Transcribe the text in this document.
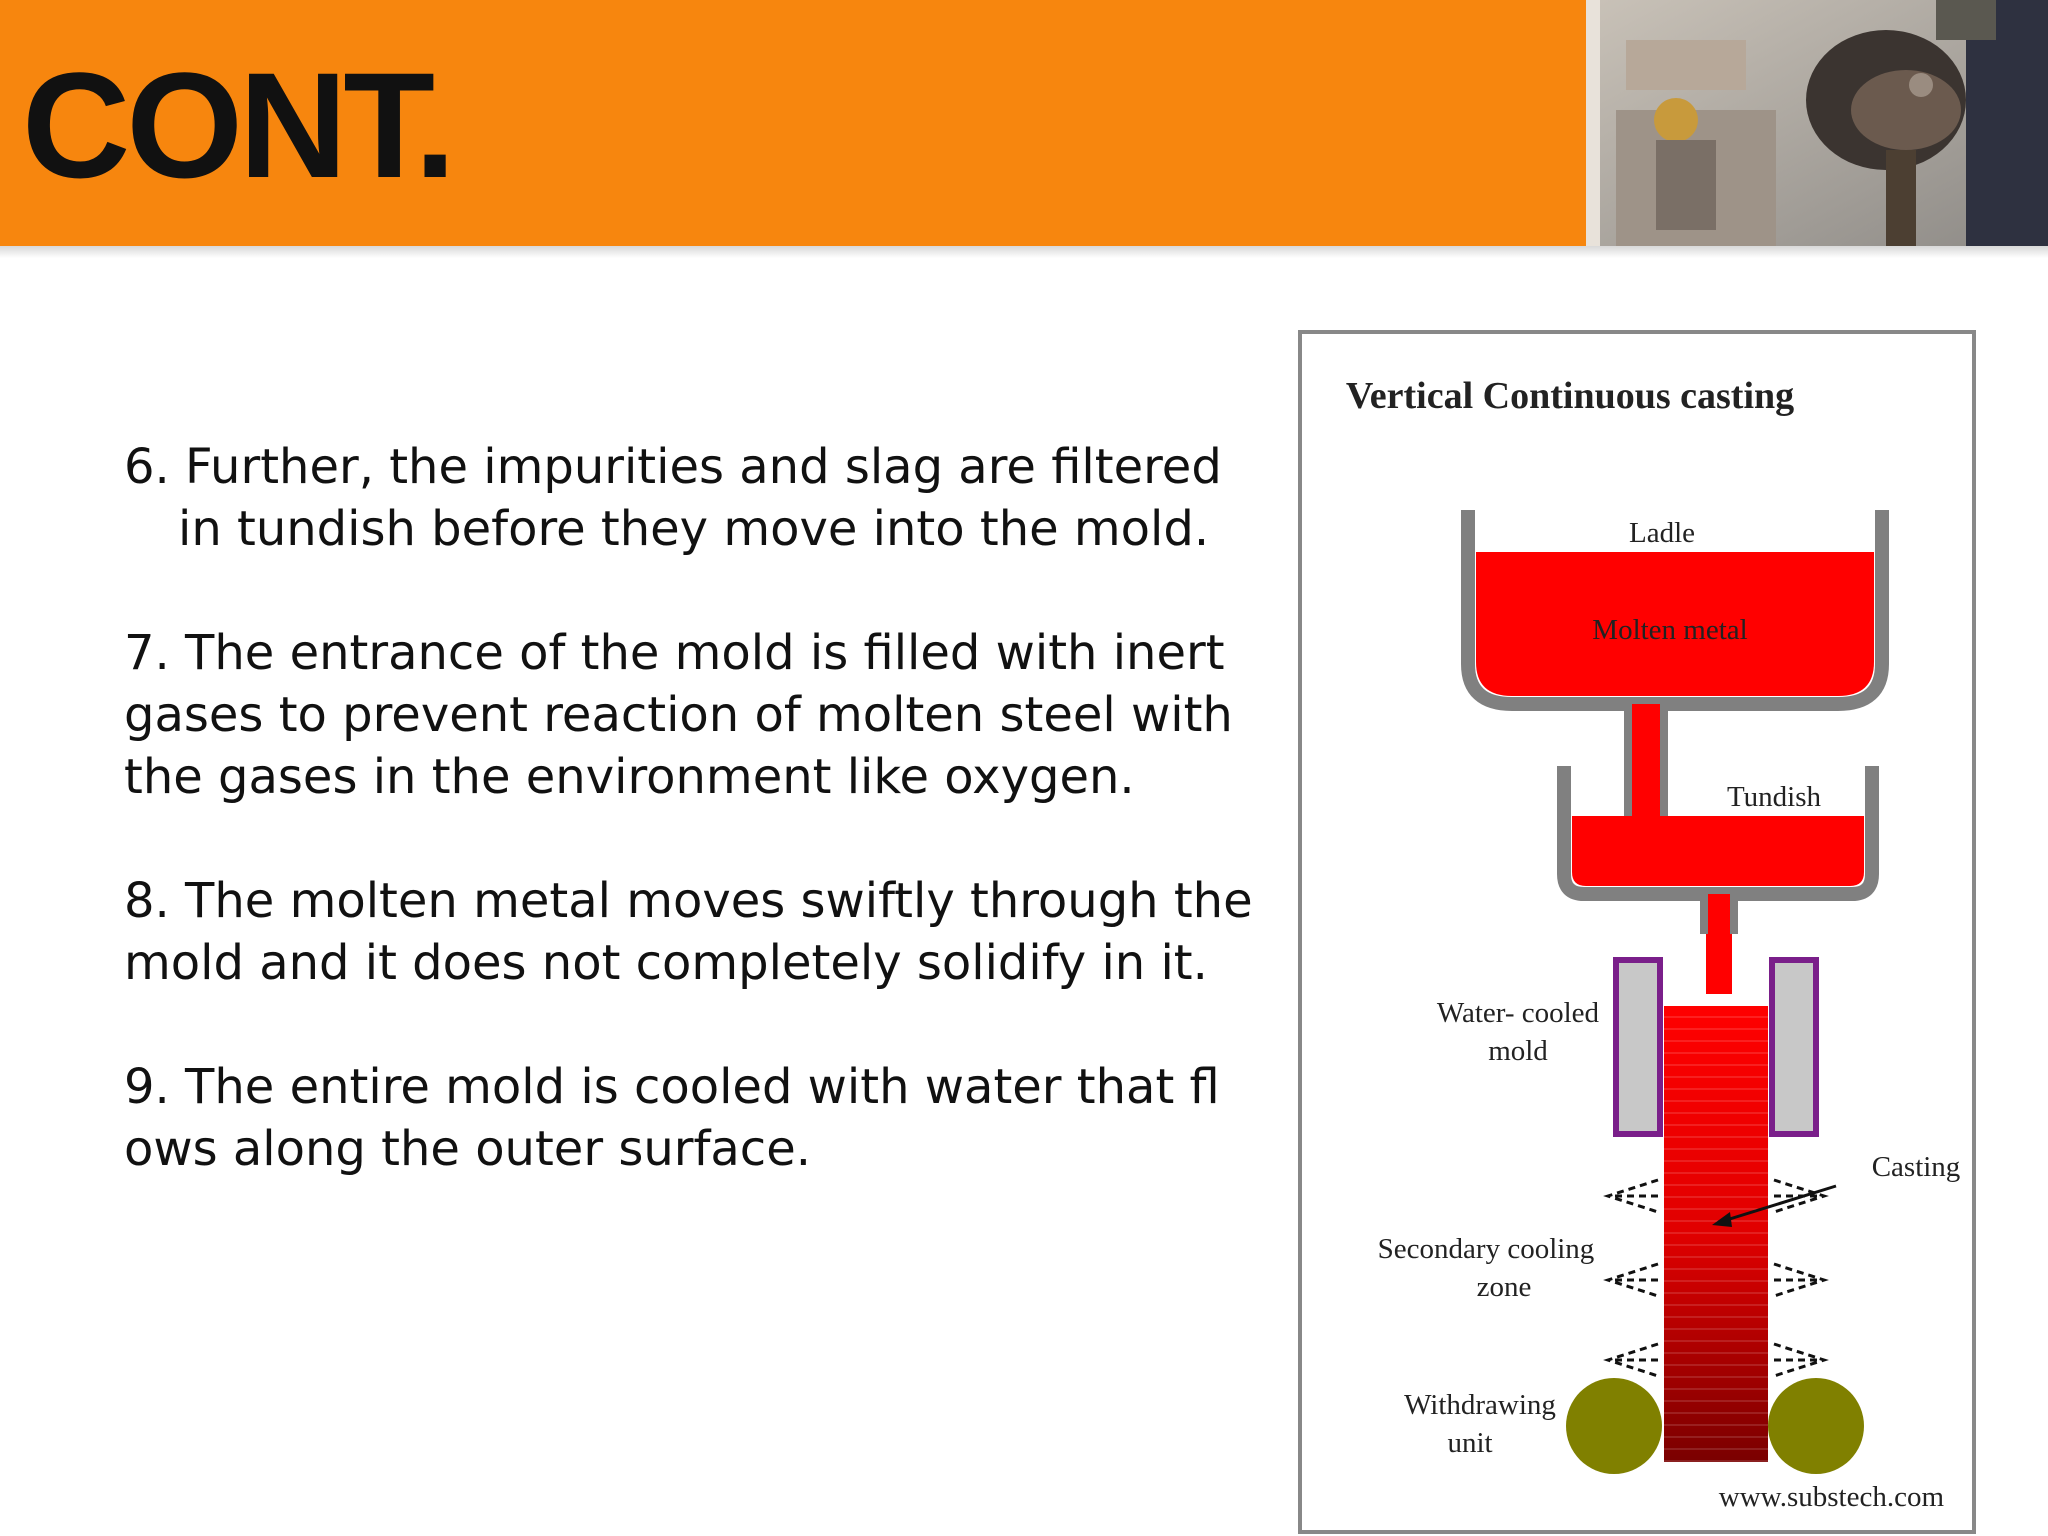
CONT.

6. Further, the impurities and slag are filtered

in tundish before they move into the mold.

7. The entrance of the mold is filled with inert gases to prevent reaction of molten steel with the gases in the environment like oxygen.

8. The molten metal moves swiftly through the mold and it does not completely solidify in it.

9. The entire mold is cooled with water that fl ows along the outer surface.

Vertical Continuous casting
Ladle
Molten metal
Tundish
Water- cooled
mold
Casting
Secondary cooling
zone
Withdrawing
unit
www.substech.com
